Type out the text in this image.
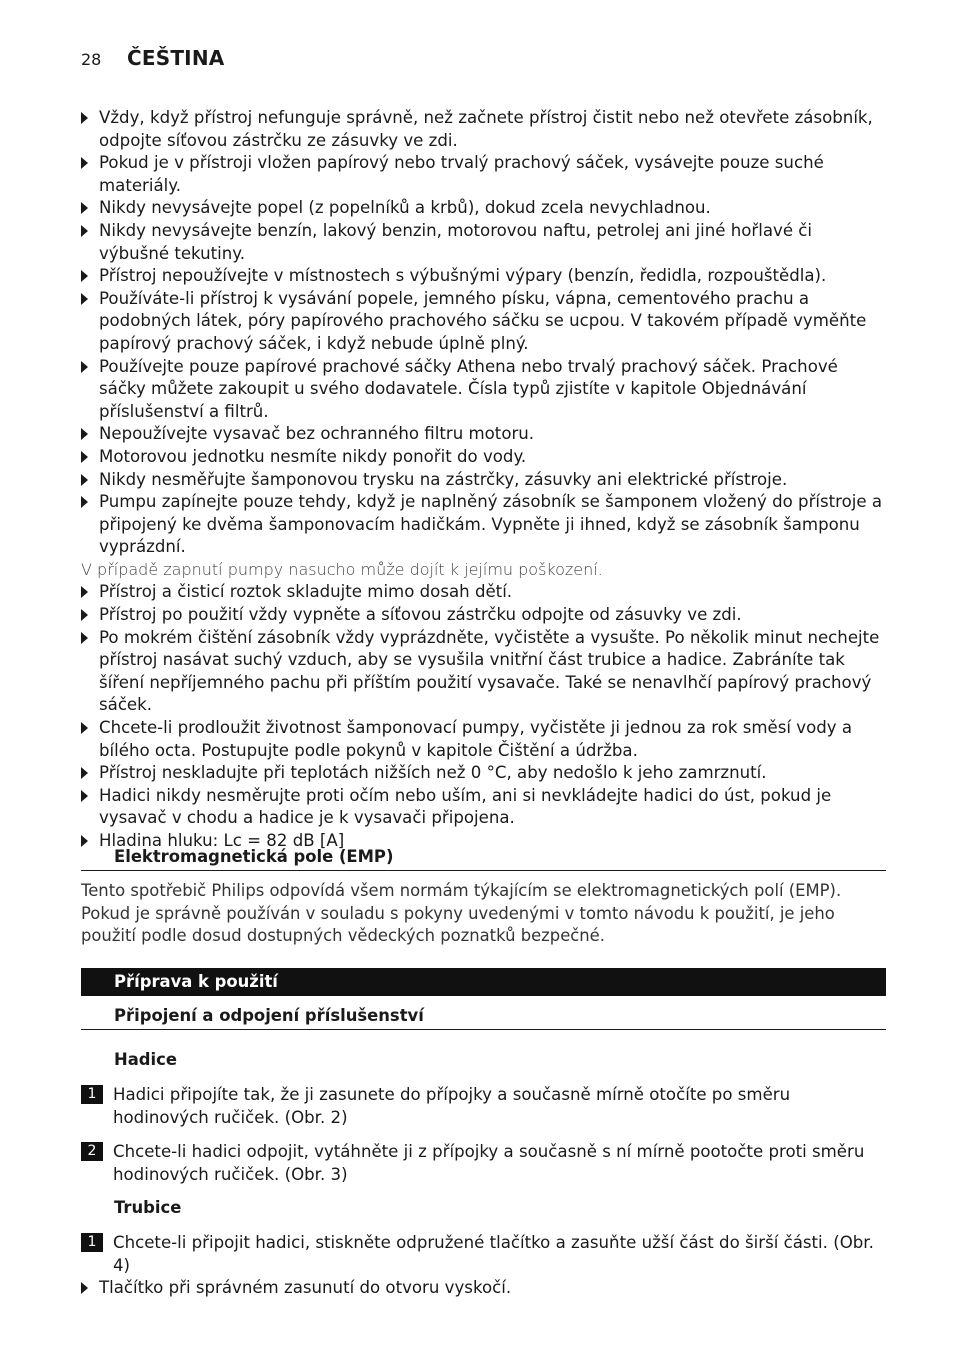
28	ČEŠTINA

Vždy, když přístroj nefunguje správně, než začnete přístroj čistit nebo než otevřete zásobník, odpojte síťovou zástrčku ze zásuvky ve zdi.

Pokud je v přístroji vložen papírový nebo trvalý prachový sáček, vysávejte pouze suché materiály.

Nikdy nevysávejte popel (z popelníků a krbů), dokud zcela nevychladnou.

Nikdy nevysávejte benzín, lakový benzin, motorovou naftu, petrolej ani jiné hořlavé či výbušné tekutiny.

Přístroj nepoužívejte v místnostech s výbušnými výpary (benzín, ředidla, rozpouštědla).

Používáte-li přístroj k vysávání popele, jemného písku, vápna, cementového prachu a podobných látek, póry papírového prachového sáčku se ucpou. V takovém případě vyměňte papírový prachový sáček, i když nebude úplně plný.

Používejte pouze papírové prachové sáčky Athena nebo trvalý prachový sáček. Prachové sáčky můžete zakoupit u svého dodavatele. Čísla typů zjistíte v kapitole Objednávání příslušenství a filtrů.

Nepoužívejte vysavač bez ochranného filtru motoru.

Motorovou jednotku nesmíte nikdy ponořit do vody.

Nikdy nesměřujte šamponovou trysku na zástrčky, zásuvky ani elektrické přístroje.

Pumpu zapínejte pouze tehdy, když je naplněný zásobník se šamponem vložený do přístroje a připojený ke dvěma šamponovacím hadičkám. Vypněte ji ihned, když se zásobník šamponu vyprázdní.

V případě zapnutí pumpy nasucho může dojít k jejímu poškození.

Přístroj a čisticí roztok skladujte mimo dosah dětí.

Přístroj po použití vždy vypněte a síťovou zástrčku odpojte od zásuvky ve zdi.

Po mokrém čištění zásobník vždy vyprázdněte, vyčistěte a vysušte. Po několik minut nechejte přístroj nasávat suchý vzduch, aby se vysušila vnitřní část trubice a hadice. Zabráníte tak šíření nepříjemného pachu při příštím použití vysavače. Také se nenavlhčí papírový prachový sáček.

Chcete-li prodloužit životnost šamponovací pumpy, vyčistěte ji jednou za rok směsí vody a bílého octa. Postupujte podle pokynů v kapitole Čištění a údržba.

Přístroj neskladujte při teplotách nižších než 0 °C, aby nedošlo k jeho zamrznutí.

Hadici nikdy nesměrujte proti očím nebo uším, ani si nevkládejte hadici do úst, pokud je vysavač v chodu a hadice je k vysavači připojena.

Hladina hluku: Lc = 82 dB [A]

Elektromagnetická pole (EMP)
Tento spotřebič Philips odpovídá všem normám týkajícím se elektromagnetických polí (EMP). Pokud je správně používán v souladu s pokyny uvedenými v tomto návodu k použití, je jeho použití podle dosud dostupných vědeckých poznatků bezpečné.
Příprava k použití
Připojení a odpojení příslušenství
Hadice
1 Hadici připojíte tak, že ji zasunete do přípojky a současně mírně otočíte po směru hodinových ručiček. (Obr. 2)
2 Chcete-li hadici odpojit, vytáhněte ji z přípojky a současně s ní mírně pootočte proti směru hodinových ručiček. (Obr. 3)
Trubice
1 Chcete-li připojit hadici, stiskněte odpružené tlačítko a zasuňte užší část do širší části. (Obr. 4)

Tlačítko při správném zasunutí do otvoru vyskočí.
